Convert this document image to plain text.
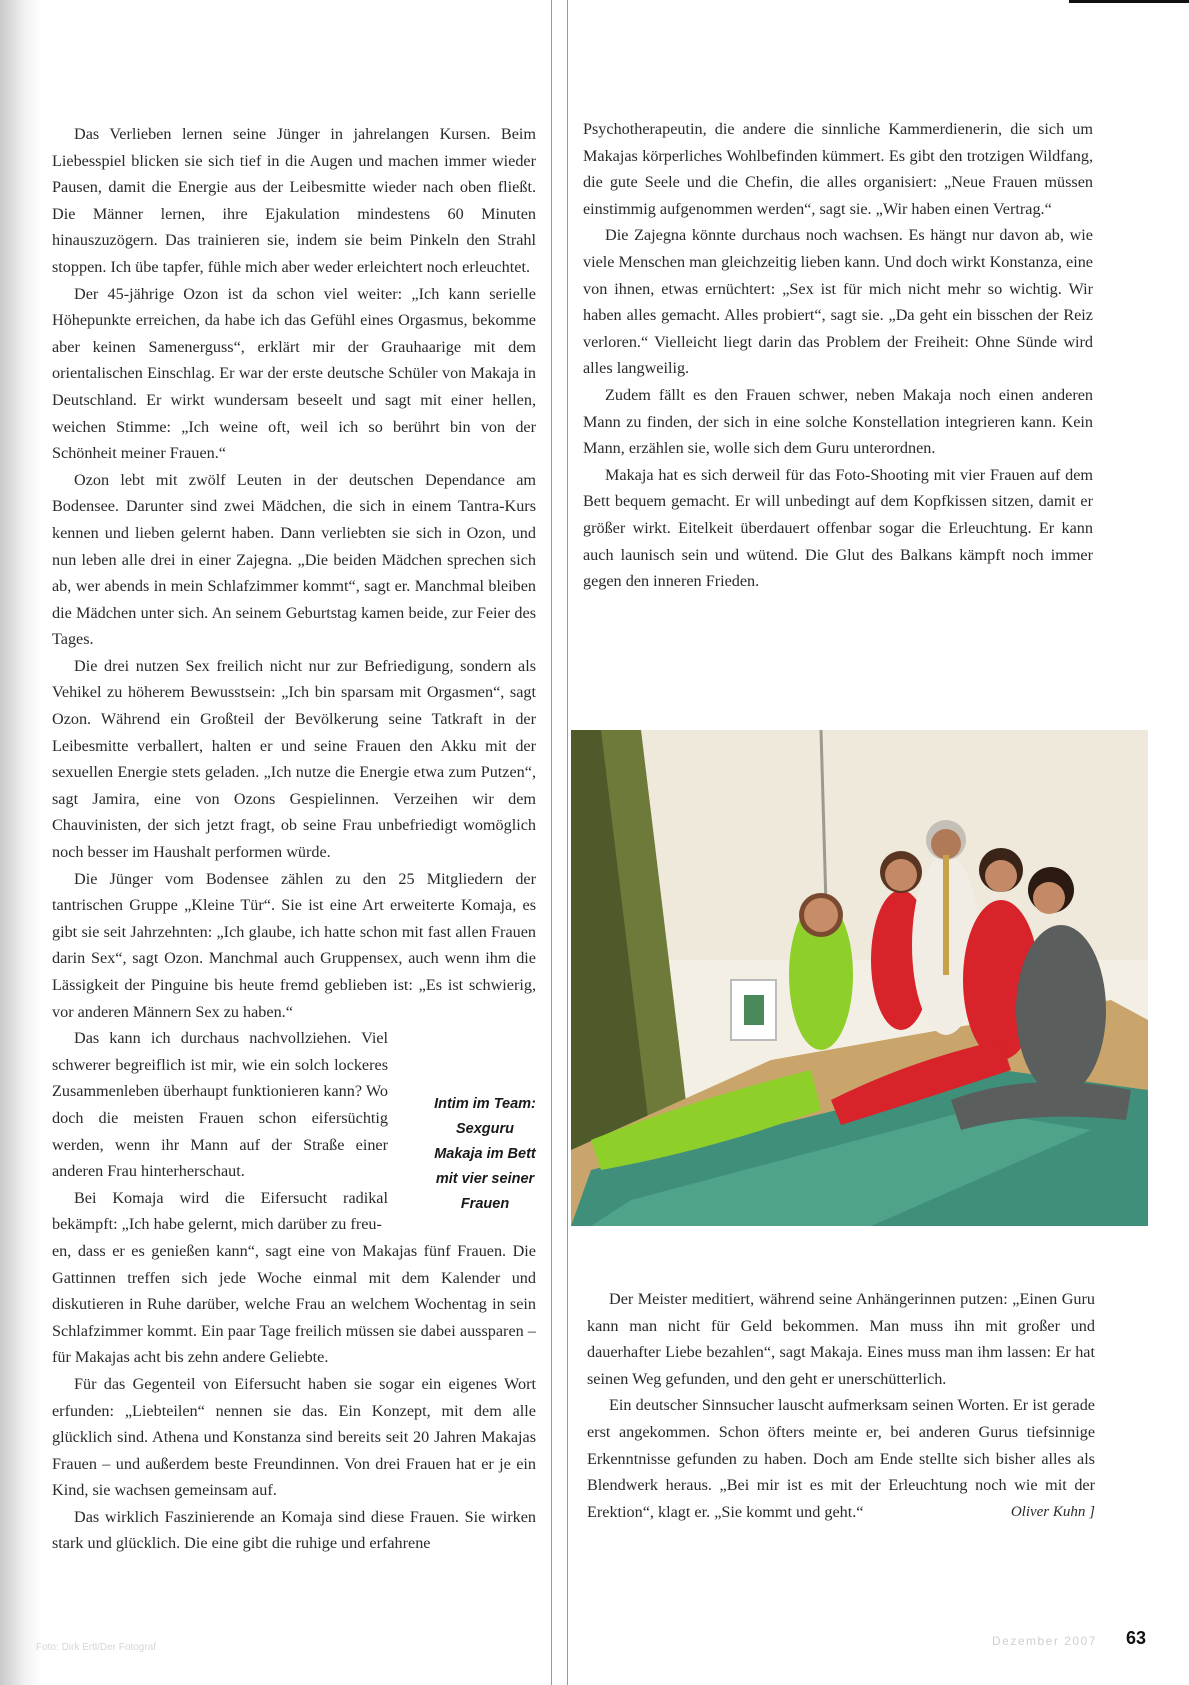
Das Verlieben lernen seine Jünger in jahrelangen Kursen. Beim Liebesspiel blicken sie sich tief in die Augen und machen immer wieder Pausen, damit die Energie aus der Leibesmitte wieder nach oben fließt. Die Männer lernen, ihre Ejakulation mindestens 60 Minuten hinauszuzögern. Das trainieren sie, indem sie beim Pinkeln den Strahl stoppen. Ich übe tapfer, fühle mich aber weder erleichtert noch erleuchtet.

Der 45-jährige Ozon ist da schon viel weiter: „Ich kann serielle Höhepunkte erreichen, da habe ich das Gefühl eines Orgasmus, bekomme aber keinen Samenerguss“, erklärt mir der Grauhaarige mit dem orientalischen Einschlag. Er war der erste deutsche Schüler von Makaja in Deutschland. Er wirkt wundersam beseelt und sagt mit einer hellen, weichen Stimme: „Ich weine oft, weil ich so berührt bin von der Schönheit meiner Frauen.“

Ozon lebt mit zwölf Leuten in der deutschen Dependance am Bodensee. Darunter sind zwei Mädchen, die sich in einem Tantra-Kurs kennen und lieben gelernt haben. Dann verliebten sie sich in Ozon, und nun leben alle drei in einer Zajegna. „Die beiden Mädchen sprechen sich ab, wer abends in mein Schlafzimmer kommt“, sagt er. Manchmal bleiben die Mädchen unter sich. An seinem Geburtstag kamen beide, zur Feier des Tages.

Die drei nutzen Sex freilich nicht nur zur Befriedigung, sondern als Vehikel zu höherem Bewusstsein: „Ich bin sparsam mit Orgasmen“, sagt Ozon. Während ein Großteil der Bevölkerung seine Tatkraft in der Leibesmitte verballert, halten er und seine Frauen den Akku mit der sexuellen Energie stets geladen. „Ich nutze die Energie etwa zum Putzen“, sagt Jamira, eine von Ozons Gespielinnen. Verzeihen wir dem Chauvinisten, der sich jetzt fragt, ob seine Frau unbefriedigt womöglich noch besser im Haushalt performen würde.

Die Jünger vom Bodensee zählen zu den 25 Mitgliedern der tantrischen Gruppe „Kleine Tür“. Sie ist eine Art erweiterte Komaja, es gibt sie seit Jahrzehnten: „Ich glaube, ich hatte schon mit fast allen Frauen darin Sex“, sagt Ozon. Manchmal auch Gruppensex, auch wenn ihm die Lässigkeit der Pinguine bis heute fremd geblieben ist: „Es ist schwierig, vor anderen Männern Sex zu haben.“

Das kann ich durchaus nachvollziehen. Viel schwerer begreiflich ist mir, wie ein solch lockeres Zusammenleben überhaupt funktionieren kann? Wo doch die meisten Frauen schon eifersüchtig werden, wenn ihr Mann auf der Straße einer anderen Frau hinterherschaut.

Bei Komaja wird die Eifersucht radikal bekämpft: „Ich habe gelernt, mich darüber zu freu-

en, dass er es genießen kann“, sagt eine von Makajas fünf Frauen. Die Gattinnen treffen sich jede Woche einmal mit dem Kalender und diskutieren in Ruhe darüber, welche Frau an welchem Wochentag in sein Schlafzimmer kommt. Ein paar Tage freilich müssen sie dabei aussparen – für Makajas acht bis zehn andere Geliebte.

Für das Gegenteil von Eifersucht haben sie sogar ein eigenes Wort erfunden: „Liebteilen“ nennen sie das. Ein Konzept, mit dem alle glücklich sind. Athena und Konstanza sind bereits seit 20 Jahren Makajas Frauen – und außerdem beste Freundinnen. Von drei Frauen hat er je ein Kind, sie wachsen gemeinsam auf.

Das wirklich Faszinierende an Komaja sind diese Frauen. Sie wirken stark und glücklich. Die eine gibt die ruhige und erfahrene

Intim im Team:
Sexguru
Makaja im Bett
mit vier seiner
Frauen

Psychotherapeutin, die andere die sinnliche Kammerdienerin, die sich um Makajas körperliches Wohlbefinden kümmert. Es gibt den trotzigen Wildfang, die gute Seele und die Chefin, die alles organisiert: „Neue Frauen müssen einstimmig aufgenommen werden“, sagt sie. „Wir haben einen Vertrag.“

Die Zajegna könnte durchaus noch wachsen. Es hängt nur davon ab, wie viele Menschen man gleichzeitig lieben kann. Und doch wirkt Konstanza, eine von ihnen, etwas ernüchtert: „Sex ist für mich nicht mehr so wichtig. Wir haben alles gemacht. Alles probiert“, sagt sie. „Da geht ein bisschen der Reiz verloren.“ Vielleicht liegt darin das Problem der Freiheit: Ohne Sünde wird alles langweilig.

Zudem fällt es den Frauen schwer, neben Makaja noch einen anderen Mann zu finden, der sich in eine solche Konstellation integrieren kann. Kein Mann, erzählen sie, wolle sich dem Guru unterordnen.

Makaja hat es sich derweil für das Foto-Shooting mit vier Frauen auf dem Bett bequem gemacht. Er will unbedingt auf dem Kopfkissen sitzen, damit er größer wirkt. Eitelkeit überdauert offenbar sogar die Erleuchtung. Er kann auch launisch sein und wütend. Die Glut des Balkans kämpft noch immer gegen den inneren Frieden.

Der Meister meditiert, während seine Anhängerinnen putzen: „Einen Guru kann man nicht für Geld bekommen. Man muss ihn mit großer und dauerhafter Liebe bezahlen“, sagt Makaja. Eines muss man ihm lassen: Er hat seinen Weg gefunden, und den geht er unerschütterlich.

Ein deutscher Sinnsucher lauscht aufmerksam seinen Worten. Er ist gerade erst angekommen. Schon öfters meinte er, bei anderen Gurus tiefsinnige Erkenntnisse gefunden zu haben. Doch am Ende stellte sich bisher alles als Blendwerk heraus. „Bei mir ist es mit der Erleuchtung noch wie mit der Erektion“, klagt er. „Sie kommt und geht.“	Oliver Kuhn ]

Foto: Dirk Ertl/Der Fotograf	Dezember 2007 63
